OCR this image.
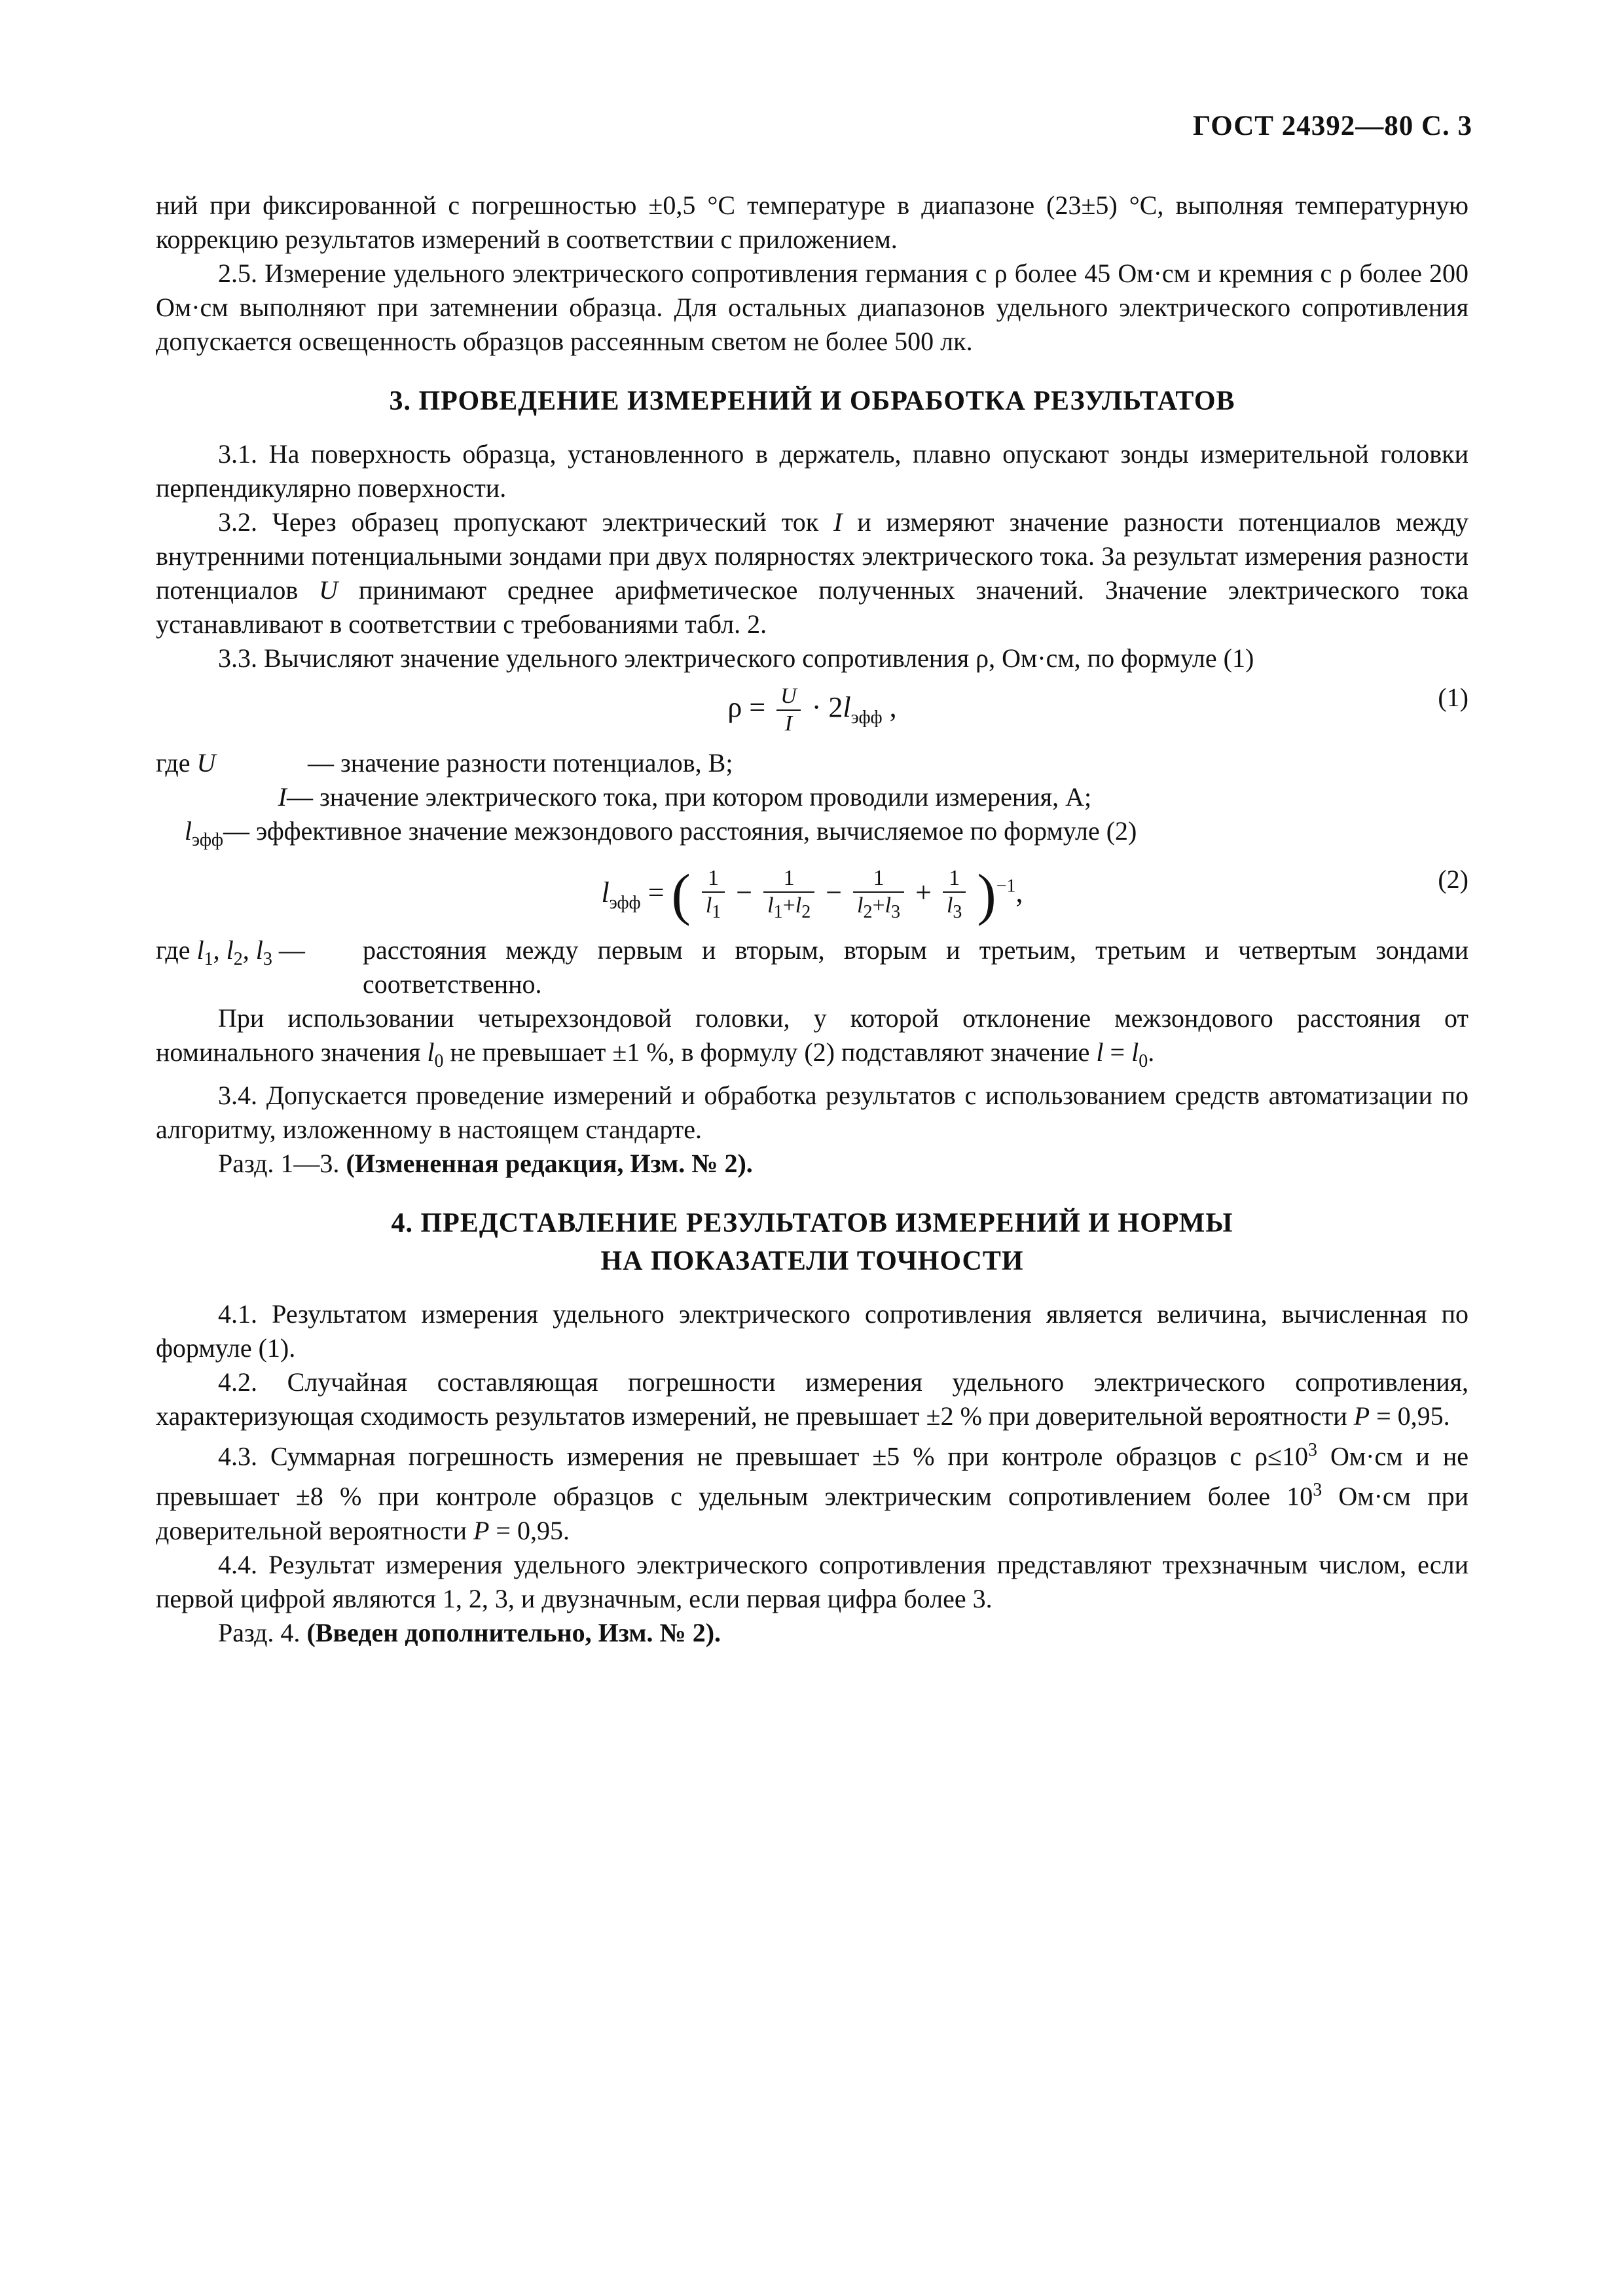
ГОСТ 24392—80 С. 3

ний при фиксированной с погрешностью ±0,5 °С температуре в диапазоне (23±5) °С, выполняя температурную коррекцию результатов измерений в соответствии с приложением.

2.5. Измерение удельного электрического сопротивления германия с ρ более 45 Ом·см и кремния с ρ более 200 Ом·см выполняют при затемнении образца. Для остальных диапазонов удельного электрического сопротивления допускается освещенность образцов рассеянным светом не более 500 лк.

3. ПРОВЕДЕНИЕ ИЗМЕРЕНИЙ И ОБРАБОТКА РЕЗУЛЬТАТОВ

3.1. На поверхность образца, установленного в держатель, плавно опускают зонды измерительной головки перпендикулярно поверхности.

3.2. Через образец пропускают электрический ток I и измеряют значение разности потенциалов между внутренними потенциальными зондами при двух полярностях электрического тока. За результат измерения разности потенциалов U принимают среднее арифметическое полученных значений. Значение электрического тока устанавливают в соответствии с требованиями табл. 2.

3.3. Вычисляют значение удельного электрического сопротивления ρ, Ом·см, по формуле (1)

$\rho = \frac{U}{I} \cdot 2l_{эфф}$ ,	(1)

где U	— значение разности потенциалов, В;

I — значение электрического тока, при котором проводили измерения, А;

$l_{эфф}$ — эффективное значение межзондового расстояния, вычисляемое по формуле (2)

$l_{эфф}$ = ( $\frac{1}{l_1} - \frac{1}{l_1+l_2} - \frac{1}{l_2+l_3} + \frac{1}{l_3} )^{-1}$,	(2)

где $l_1$, $l_2$, $l_3$ —	расстояния между первым и вторым, вторым и третьим, третьим и четвертым зондами соответственно.

При использовании четырехзондовой головки, у которой отклонение межзондового расстояния от номинального значения $l_0$ не превышает ±1 %, в формулу (2) подставляют значение $l = l_0$.

3.4. Допускается проведение измерений и обработка результатов с использованием средств автоматизации по алгоритму, изложенному в настоящем стандарте.

Разд. 1—3. (Измененная редакция, Изм. № 2).

4. ПРЕДСТАВЛЕНИЕ РЕЗУЛЬТАТОВ ИЗМЕРЕНИЙ И НОРМЫ
НА ПОКАЗАТЕЛИ ТОЧНОСТИ

4.1. Результатом измерения удельного электрического сопротивления является величина, вычисленная по формуле (1).

4.2. Случайная составляющая погрешности измерения удельного электрического сопротивления, характеризующая сходимость результатов измерений, не превышает ±2 % при доверительной вероятности P = 0,95.

4.3. Суммарная погрешность измерения не превышает ±5 % при контроле образцов с $\rho\le 10^3$ Ом·см и не превышает ±8 % при контроле образцов с удельным электрическим сопротивлением более $10^3$ Ом·см при доверительной вероятности P = 0,95.

4.4. Результат измерения удельного электрического сопротивления представляют трехзначным числом, если первой цифрой являются 1, 2, 3, и двузначным, если первая цифра более 3.

Разд. 4. (Введен дополнительно, Изм. № 2).
